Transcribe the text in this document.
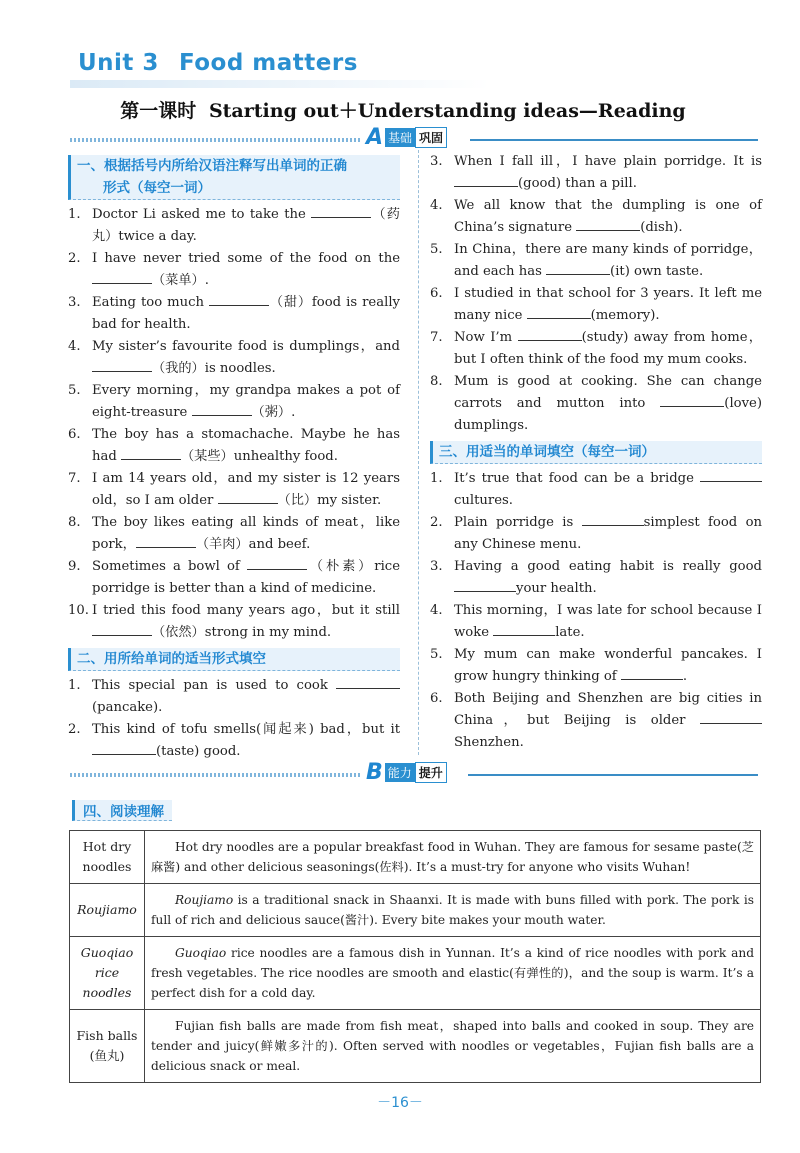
Unit 3 Food matters
第一课时 Starting out＋Understanding ideas—Reading
A 基础 巩固
一、根据括号内所给汉语注释写出单词的正确
形式（每空一词）
1. Doctor Li asked me to take the	（药丸）twice a day.
2. I have never tried some of the food on the （菜单）.
3. Eating too much	（甜）food is really bad for health.
4. My sister’s favourite food is dumplings，and （我的）is noodles.
5. Every morning，my grandpa makes a pot of eight-treasure	（粥）.
6. The boy has a stomachache. Maybe he has had	（某些）unhealthy food.
7. I am 14 years old，and my sister is 12 years old，so I am older	（比）my sister.
8. The boy likes eating all kinds of meat，like pork，	（羊肉）and beef.
9. Sometimes a bowl of	（朴素）rice porridge is better than a kind of medicine.
10. I tried this food many years ago，but it still （依然）strong in my mind.
二、用所给单词的适当形式填空
1. This special pan is used to cook (pancake).
2. This kind of tofu smells(闻起来) bad，but it (taste) good.
3. When I fall ill，I have plain porridge. It is (good) than a pill.
4. We all know that the dumpling is one of China’s signature	(dish).
5. In China，there are many kinds of porridge，and each has	(it) own taste.
6. I studied in that school for 3 years. It left me many nice	(memory).
7. Now I’m	(study) away from home，but I often think of the food my mum cooks.
8. Mum is good at cooking. She can change carrots and mutton into	(love) dumplings.
三、用适当的单词填空（每空一词）
1. It’s true that food can be a bridge cultures.
2. Plain porridge is	simplest food on any Chinese menu.
3. Having a good eating habit is really good your health.
4. This morning，I was late for school because I woke	late.
5. My mum can make wonderful pancakes. I grow hungry thinking of	.
6. Both Beijing and Shenzhen are big cities in China，but Beijing is older Shenzhen.
B 能力 提升
四、阅读理解
Hot dry noodles	Hot dry noodles are a popular breakfast food in Wuhan. They are famous for sesame paste(芝麻酱) and other delicious seasonings(佐料). It’s a must-try for anyone who visits Wuhan!
Roujiamo	Roujiamo is a traditional snack in Shaanxi. It is made with buns filled with pork. The pork is full of rich and delicious sauce(酱汁). Every bite makes your mouth water.
Guoqiao rice noodles	Guoqiao rice noodles are a famous dish in Yunnan. It’s a kind of rice noodles with pork and fresh vegetables. The rice noodles are smooth and elastic(有弹性的)，and the soup is warm. It’s a perfect dish for a cold day.
Fish balls (鱼丸)	Fujian fish balls are made from fish meat，shaped into balls and cooked in soup. They are tender and juicy(鲜嫩多汁的). Often served with noodles or vegetables，Fujian fish balls are a delicious snack or meal.
－16－
